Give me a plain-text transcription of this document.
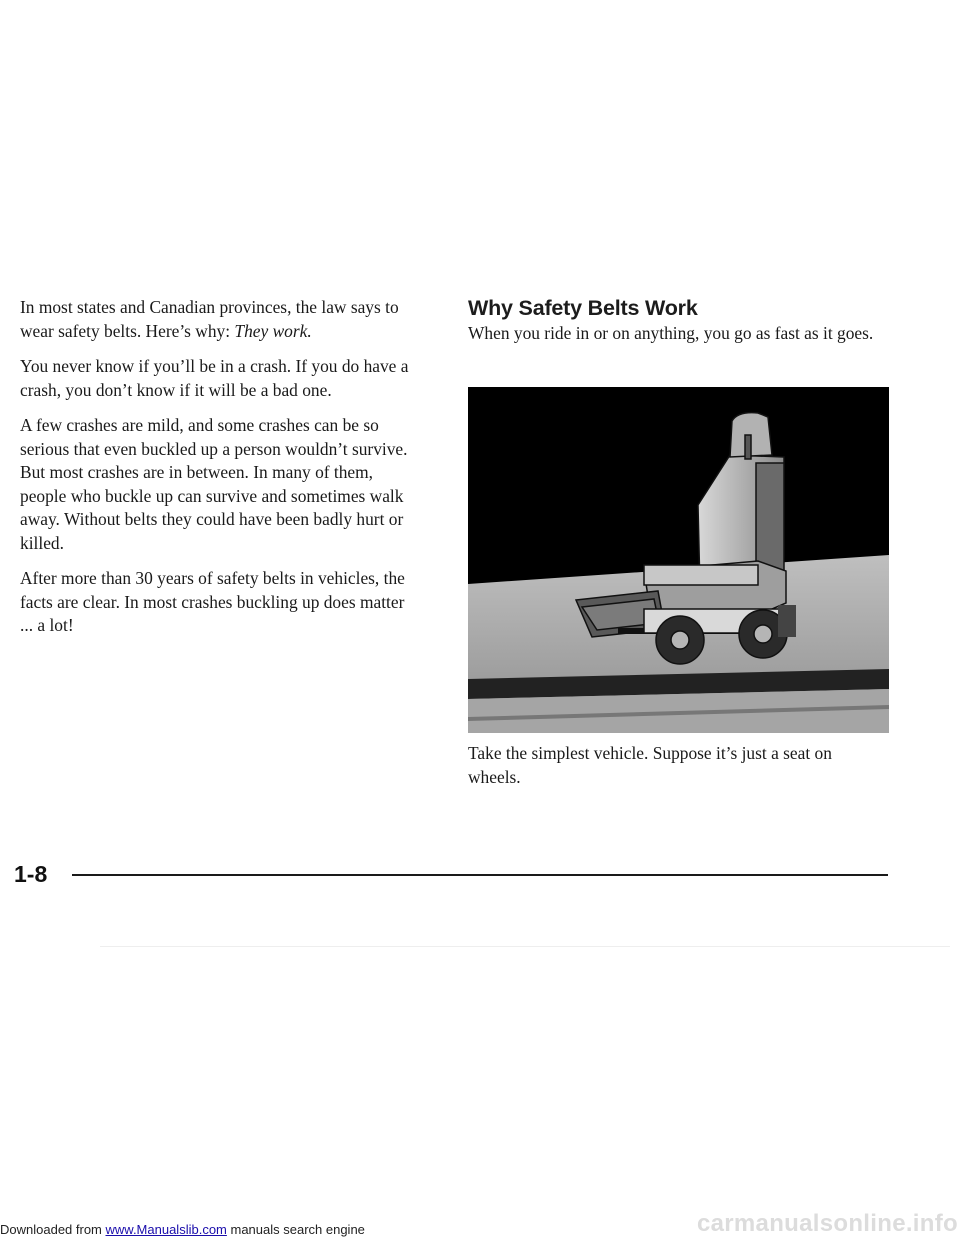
In most states and Canadian provinces, the law says to wear safety belts. Here’s why: They work.

You never know if you’ll be in a crash. If you do have a crash, you don’t know if it will be a bad one.

A few crashes are mild, and some crashes can be so serious that even buckled up a person wouldn’t survive. But most crashes are in between. In many of them, people who buckle up can survive and sometimes walk away. Without belts they could have been badly hurt or killed.

After more than 30 years of safety belts in vehicles, the facts are clear. In most crashes buckling up does matter ... a lot!

Why Safety Belts Work

When you ride in or on anything, you go as fast as it goes.

Take the simplest vehicle. Suppose it’s just a seat on wheels.

1-8
Downloaded from www.Manualslib.com manuals search engine	carmanualsonline.info
